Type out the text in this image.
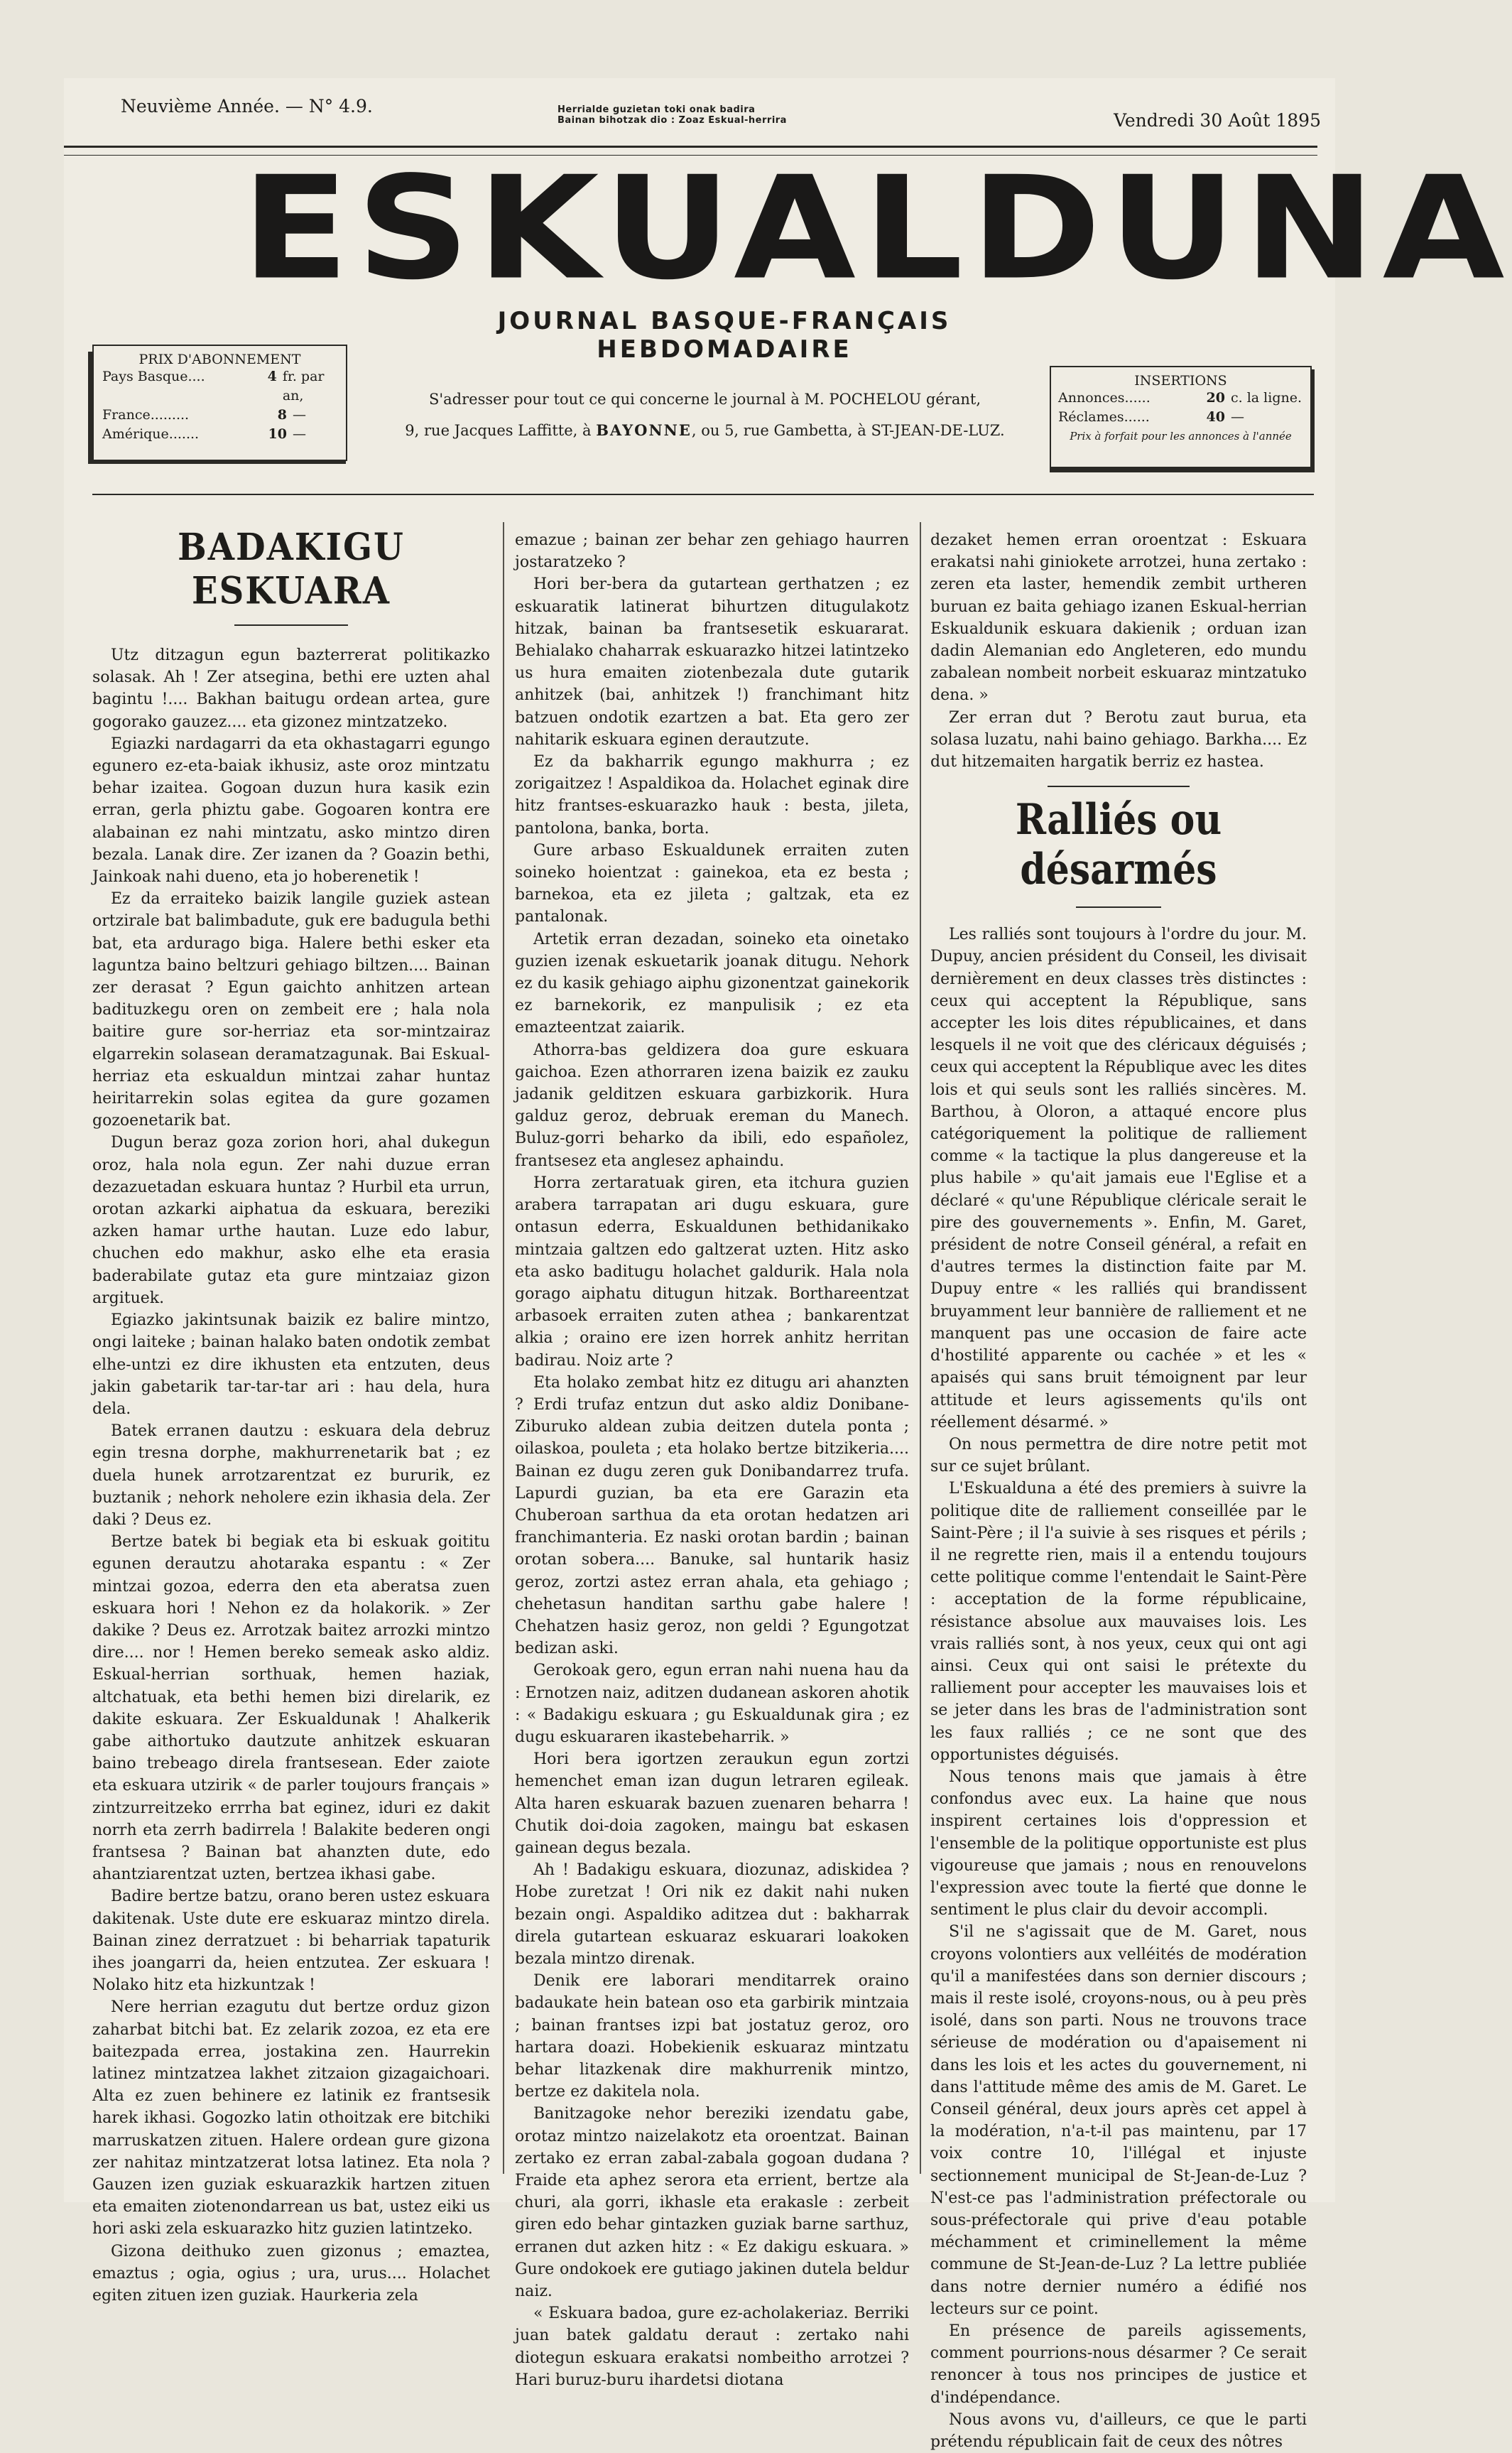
Neuvième Année. — N° 4.9.	Herrialde guzietan toki onak badira
Bainan bihotzak dio : Zoaz Eskual-herrira	Vendredi 30 Août 1895
ESKUALDUNA
JOURNAL BASQUE-FRANÇAIS HEBDOMADAIRE
PRIX D'ABONNEMENT
Pays Basque....	4 fr. par an,
France.........	8 —
Amérique.......	10 —
S'adresser pour tout ce qui concerne le journal à M. POCHELOU gérant,
9, rue Jacques Laffitte, à BAYONNE, ou 5, rue Gambetta, à ST-JEAN-DE-LUZ.
INSERTIONS
Annonces......	20 c. la ligne.
Réclames......	40 —
Prix à forfait pour les annonces à l'année
BADAKIGU ESKUARA

Utz ditzagun egun bazterrerat politikazko solasak. Ah ! Zer atsegina, bethi ere uzten ahal bagintu !.... Bakhan baitugu ordean artea, gure gogorako gauzez.... eta gizonez mintzatzeko.

Egiazki nardagarri da eta okhastagarri egungo egunero ez-eta-baiak ikhusiz, aste oroz mintzatu behar izaitea. Gogoan duzun hura kasik ezin erran, gerla phiztu gabe. Gogoaren kontra ere alabainan ez nahi mintzatu, asko mintzo diren bezala. Lanak dire. Zer izanen da ? Goazin bethi, Jainkoak nahi dueno, eta jo hoberenetik !

Ez da erraiteko baizik langile guziek astean ortziralе bat balimbadute, guk ere badugula bethi bat, eta ardurago biga. Halere bethi esker eta laguntza baino beltzuri gehiago biltzen.... Bainan zer derasat ? Egun gaichto anhitzen artean badituzkegu oren on zembeit ere ; hala nola baitire gure sor-herriaz eta sor-mintzairaz elgarrekin solasean deramatzagunak. Bai Eskual-herriaz eta eskualdun mintzai zahar huntaz heiritarrekin solas egitea da gure gozamen gozoenetarik bat.

Dugun beraz goza zorion hori, ahal dukegun oroz, hala nola egun. Zer nahi duzue erran dezazuetadan eskuara huntaz ? Hurbil eta urrun, orotan azkarki aiphatua da eskuara, bereziki azken hamar urthe hautan. Luze edo labur, chuchen edo makhur, asko elhe eta erasia baderabilate gutaz eta gure mintzaiaz gizon argituek.

Egiazko jakintsunak baizik ez balire mintzo, ongi laiteke ; bainan halako baten ondotik zembat elhe-untzi ez dire ikhusten eta entzuten, deus jakin gabetarik tar-tar-tar ari : hau dela, hura dela.

Batek erranen dautzu : eskuara dela debruz egin tresna dorphe, makhurrenetarik bat ; ez duela hunek arrotzarentzat ez bururik, ez buztanik ; nehork neholere ezin ikhasia dela. Zer daki ? Deus ez.

Bertze batek bi begiak eta bi eskuak goititu egunen derautzu ahotaraka espantu : « Zer mintzai gozoa, ederra den eta aberatsa zuen eskuara hori ! Nehon ez da holakorik. » Zer dakike ? Deus ez. Arrotzak baitez arrozki mintzo dire.... nor ! Hemen bereko semeak asko aldiz. Eskual-herrian sorthuak, hemen haziak, altchatuak, eta bethi hemen bizi direlarik, ez dakite eskuara. Zer Eskualdunak ! Ahalkerik gabe aithortuko dautzute anhitzek eskuaran baino trebeago direla frantsesean. Eder zaiote eta eskuara utzirik « de parler toujours français » zintzurreitzeko errrha bat eginez, iduri ez dakit norrh eta zerrh badirrela ! Balakite bederen ongi frantsesa ? Bainan bat ahanzten dute, edo ahantziarentzat uzten, bertzea ikhasi gabe.

Badire bertze batzu, orano beren ustez eskuara dakitenak. Uste dute ere eskuaraz mintzo direla. Bainan zinez derratzuet : bi beharriak tapaturik ihes joangarri da, heien entzutea. Zer eskuara ! Nolako hitz eta hizkuntzak !

Nere herrian ezagutu dut bertze orduz gizon zaharbat bitchi bat. Ez zelarik zozoa, ez eta ere baitezpada errea, jostakina zen. Haurrekin latinez mintzatzea lakhet zitzaion gizagaichoari. Alta ez zuen behinere ez latinik ez frantsesik harek ikhasi. Gogozko latin othoitzak ere bitchiki marruskatzen zituen. Halere ordean gure gizona zer nahitaz mintzatzerat lotsa latinez. Eta nola ? Gauzen izen guziak eskuarazkik hartzen zituen eta emaiten ziotenondarrean us bat, ustez eiki us hori aski zela eskuarazko hitz guzien latintzeko.

Gizona deithuko zuen gizonus ; emaztea, emaztus ; ogia, ogius ; ura, urus.... Holachet egiten zituen izen guziak. Haurkeria zela

emazue ; bainan zer behar zen gehiago haurren jostaratzeko ?

Hori ber-bera da gutartean gerthatzen ; ez eskuaratik latinerat bihurtzen ditugulakotz hitzak, bainan ba frantsesetik eskuararat. Behialako chaharrak eskuarazko hitzei latintzeko us hura emaiten ziotenbezala dute gutarik anhitzek (bai, anhitzek !) franchimant hitz batzuen ondotik ezartzen a bat. Eta gero zer nahitarik eskuara eginen derautzute.

Ez da bakharrik egungo makhurra ; ez zorigaitzez ! Aspaldikoa da. Holachet eginak dire hitz frantses-eskuarazko hauk : besta, jileta, pantolona, banka, borta.

Gure arbaso Eskualdunek erraiten zuten soineko hoientzat : gainekoa, eta ez besta ; barnekoa, eta ez jileta ; galtzak, eta ez pantalonak.

Artetik erran dezadan, soineko eta oinetako guzien izenak eskuetarik joanak ditugu. Nehork ez du kasik gehiago aiphu gizonentzat gainekorik ez barnekorik, ez manpulisik ; ez eta emaztеentzat zaiarik.

Athorra-bas geldizera doa gure eskuara gaichoa. Ezen athorraren izena baizik ez zauku jadanik gelditzen eskuara garbizkorik. Hura galduz geroz, debruak ereman du Manech. Buluz-gorri beharko da ibili, edo españolez, frantsesez eta anglesez aphaindu.

Horra zertaratuak giren, eta itchura guzien arabera tarrapatan ari dugu eskuara, gure ontasun ederra, Eskualdunen bethidanikako mintzaia galtzen edo galtzerat uzten. Hitz asko eta asko baditugu holachet galdurik. Hala nola gorago aiphatu ditugun hitzak. Borthareentzat arbasoek erraiten zuten athea ; bankarentzat alkia ; oraino ere izen horrek anhitz herritan badirau. Noiz arte ?

Eta holako zembat hitz ez ditugu ari ahanzten ? Erdi trufaz entzun dut asko aldiz Donibane-Ziburuko aldean zubia deitzen dutela ponta ; oilaskoa, pouleta ; eta holako bertze bitzikeria.... Bainan ez dugu zeren guk Donibandarrez trufa. Lapurdi guzian, ba eta ere Garazin eta Chuberoan sarthua da eta orotan hedatzen ari franchimanteria. Ez naski orotan bardin ; bainan orotan sobera.... Banuke, sal huntarik hasiz geroz, zortzi astez erran ahala, eta gehiago ; chehetasun handitan sarthu gabe halere ! Chehatzen hasiz geroz, non geldi ? Egungotzat bedizan aski.

Gerokoak gero, egun erran nahi nuena hau da : Ernotzen naiz, aditzen dudanean askoren ahotik : « Badakigu eskuara ; gu Eskualdunak gira ; ez dugu eskuararen ikastebeharrik. »

Hori bera igortzen zeraukun egun zortzi hemenchet eman izan dugun letraren egileak. Alta haren eskuarak bazuen zuenaren beharra ! Chutik doi-doia zagoken, maingu bat eskasen gainean degus bezala.

Ah ! Badakigu eskuara, diozunaz, adiskidea ? Hobe zuretzat ! Ori nik ez dakit nahi nuken bezain ongi. Aspaldiko aditzea dut : bakharrak direla gutartean eskuaraz eskuarari loakoken bezala mintzo direnak.

Denik ere laborari menditarrek oraino badaukate hein batean oso eta garbirik mintzaia ; bainan frantses izpi bat jostatuz geroz, oro hartara doazi. Hobekienik eskuaraz mintzatu behar litazkenak dire makhurrenik mintzo, bertze ez dakitela nola.

Banitzagoke nehor bereziki izendatu gabe, orotaz mintzo naizelakotz eta oroentzat. Bainan zertako ez erran zabal-zabala gogoan dudana ? Fraide eta aphez serora eta errient, bertze ala churi, ala gorri, ikhasle eta erakasle : zerbeit giren edo behar gintazken guziak barne sarthuz, erranen dut azken hitz : « Ez dakigu eskuara. » Gure ondokoek ere gutiago jakinen dutela beldur naiz.

« Eskuara badoa, gure ez-acholakeriaz. Berriki juan batek galdatu deraut : zertako nahi diotegun eskuara erakatsi nombeitho arrotzei ? Hari buruz-buru ihardetsi diotana

dezaket hemen erran oroentzat : Eskuara erakatsi nahi giniokete arrotzei, huna zertako : zeren eta laster, hemendik zembit urtheren buruan ez baita gehiago izanen Eskual-herrian Eskualdunik eskuara dakienik ; orduan izan dadin Alemanian edo Angleteren, edo mundu zabalean nombeit norbeit eskuaraz mintzatuko dena. »

Zer erran dut ? Berotu zaut burua, eta solasa luzatu, nahi baino gehiago. Barkha.... Ez dut hitzemaiten hargatik berriz ez hastea.

Ralliés ou désarmés

Les ralliés sont toujours à l'ordre du jour. M. Dupuy, ancien président du Conseil, les divisait dernièrement en deux classes très distinctes : ceux qui acceptent la République, sans accepter les lois dites républicaines, et dans lesquels il ne voit que des cléricaux déguisés ; ceux qui acceptent la République avec les dites lois et qui seuls sont les ralliés sincères. M. Barthou, à Oloron, a attaqué encore plus catégoriquement la politique de ralliement comme « la tactique la plus dangereuse et la plus habile » qu'ait jamais eue l'Eglise et a déclaré « qu'une République cléricale serait le pire des gouvernements ». Enfin, M. Garet, président de notre Conseil général, a refait en d'autres termes la distinction faite par M. Dupuy entre « les ralliés qui brandissent bruyamment leur bannière de ralliement et ne manquent pas une occasion de faire acte d'hostilité apparente ou cachée » et les « apaisés qui sans bruit témoignent par leur attitude et leurs agissements qu'ils ont réellement désarmé. »

On nous permettra de dire notre petit mot sur ce sujet brûlant.

L'Eskualduna a été des premiers à suivre la politique dite de ralliement conseillée par le Saint-Père ; il l'a suivie à ses risques et périls ; il ne regrette rien, mais il a entendu toujours cette politique comme l'entendait le Saint-Père : acceptation de la forme républicaine, résistance absolue aux mauvaises lois. Les vrais ralliés sont, à nos yeux, ceux qui ont agi ainsi. Ceux qui ont saisi le prétexte du ralliement pour accepter les mauvaises lois et se jeter dans les bras de l'administration sont les faux ralliés ; ce ne sont que des opportunistes déguisés.

Nous tenons mais que jamais à être confondus avec eux. La haine que nous inspirent certaines lois d'oppression et l'ensemble de la politique opportuniste est plus vigoureuse que jamais ; nous en renouvelons l'expression avec toute la fierté que donne le sentiment le plus clair du devoir accompli.

S'il ne s'agissait que de M. Garet, nous croyons volontiers aux velléités de modération qu'il a manifestées dans son dernier discours ; mais il reste isolé, croyons-nous, ou à peu près isolé, dans son parti. Nous ne trouvons trace sérieuse de modération ou d'apaisement ni dans les lois et les actes du gouvernement, ni dans l'attitude même des amis de M. Garet. Le Conseil général, deux jours après cet appel à la modération, n'a-t-il pas maintenu, par 17 voix contre 10, l'illégal et injuste sectionnement municipal de St-Jean-de-Luz ? N'est-ce pas l'administration préfectorale ou sous-préfectorale qui prive d'eau potable méchamment et criminellement la même commune de St-Jean-de-Luz ? La lettre publiée dans notre dernier numéro a édifié nos lecteurs sur ce point.

En présence de pareils agissements, comment pourrions-nous désarmer ? Ce serait renoncer à tous nos principes de justice et d'indépendance.

Nous avons vu, d'ailleurs, ce que le parti prétendu républicain fait de ceux des nôtres
